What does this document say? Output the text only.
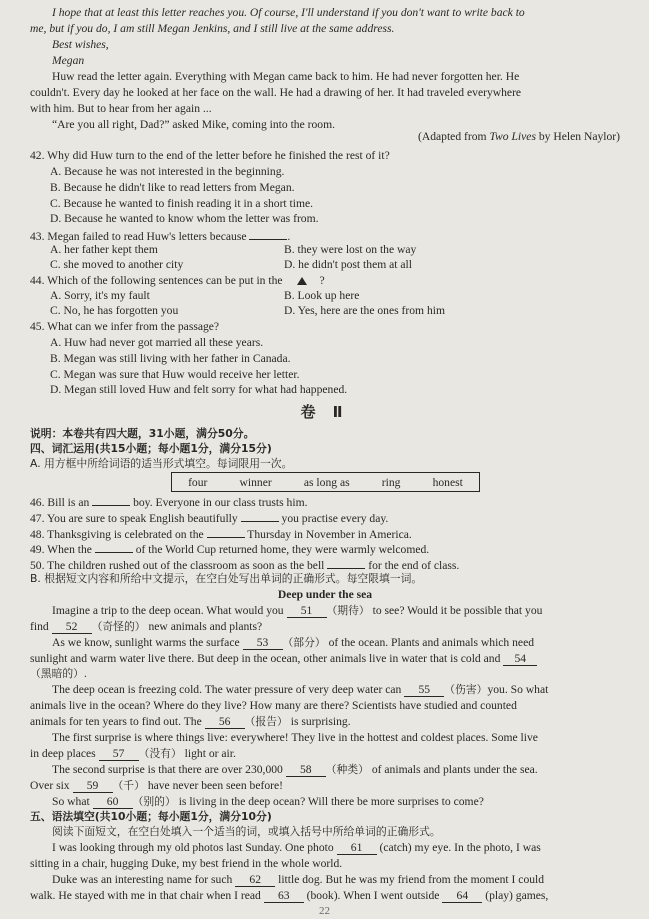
I hope that at least this letter reaches you. Of course, I'll understand if you don't want to write back to
me, but if you do, I am still Megan Jenkins, and I still live at the same address.
Best wishes,
Megan
Huw read the letter again. Everything with Megan came back to him. He had never forgotten her. He
couldn't. Every day he looked at her face on the wall. He had a drawing of her. It had traveled everywhere
with him. But to hear from her again ...
“Are you all right, Dad?” asked Mike, coming into the room.
(Adapted from Two Lives by Helen Naylor)
42. Why did Huw turn to the end of the letter before he finished the rest of it?
A. Because he was not interested in the beginning.
B. Because he didn't like to read letters from Megan.
C. Because he wanted to finish reading it in a short time.
D. Because he wanted to know whom the letter was from.
43. Megan failed to read Huw's letters because	.
A. her father kept them	B. they were lost on the way
C. she moved to another city	D. he didn't post them at all
44. Which of the following sentences can be put in the	?
A. Sorry, it's my fault	B. Look up here
C. No, he has forgotten you	D. Yes, here are the ones from him
45. What can we infer from the passage?
A. Huw had never got married all these years.
B. Megan was still living with her father in Canada.
C. Megan was sure that Huw would receive her letter.
D. Megan still loved Huw and felt sorry for what had happened.
卷 Ⅱ
说明：本卷共有四大题，31小题，满分50分。
四、词汇运用(共15小题；每小题1分，满分15分)
A. 用方框中所给词语的适当形式填空。每词限用一次。
four	winner	as long as	ring	honest
46. Bill is an	boy. Everyone in our class trusts him.
47. You are sure to speak English beautifully	you practise every day.
48. Thanksgiving is celebrated on the	Thursday in November in America.
49. When the	of the World Cup returned home, they were warmly welcomed.
50. The children rushed out of the classroom as soon as the bell	for the end of class.
B. 根据短文内容和所给中文提示，在空白处写出单词的正确形式。每空限填一词。
Deep under the sea
Imagine a trip to the deep ocean. What would you 51 （期待） to see? Would it be possible that you
find 52 （奇怪的） new animals and plants?
As we know, sunlight warms the surface 53 （部分） of the ocean. Plants and animals which need
sunlight and warm water live there. But deep in the ocean, other animals live in water that is cold and 54
（黑暗的）.
The deep ocean is freezing cold. The water pressure of very deep water can 55 （伤害）you. So what
animals live in the ocean? Where do they live? How many are there? Scientists have studied and counted
animals for ten years to find out. The 56 （报告） is surprising.
The first surprise is where things live: everywhere! They live in the hottest and coldest places. Some live
in deep places 57 （没有） light or air.
The second surprise is that there are over 230,000 58 （种类） of animals and plants under the sea.
Over six 59 （千） have never been seen before!
So what 60 （别的） is living in the deep ocean? Will there be more surprises to come?
五、语法填空(共10小题；每小题1分，满分10分)
阅读下面短文，在空白处填入一个适当的词，或填入括号中所给单词的正确形式。
I was looking through my old photos last Sunday. One photo 61 (catch) my eye. In the photo, I was
sitting in a chair, hugging Duke, my best friend in the whole world.
Duke was an interesting name for such 62 little dog. But he was my friend from the moment I could
walk. He stayed with me in that chair when I read 63 (book). When I went outside 64 (play) games,
22
